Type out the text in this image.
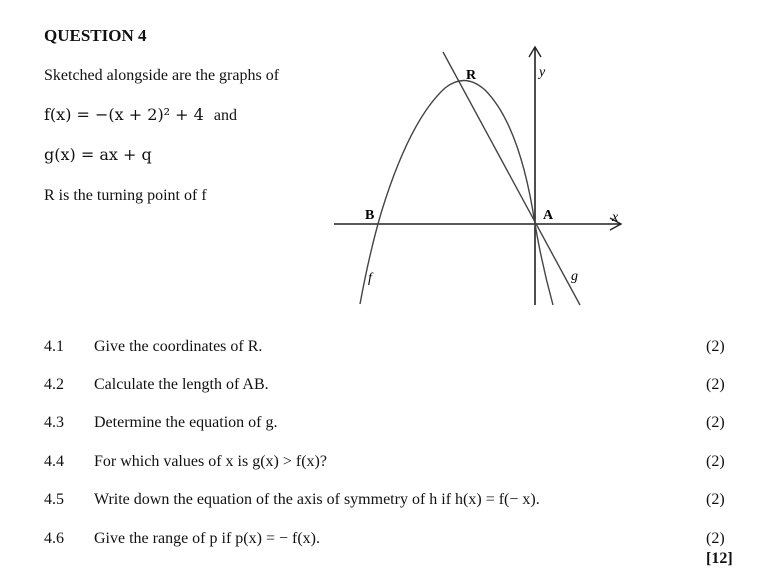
QUESTION 4
Sketched alongside are the graphs of
f(x) = −(x + 2)² + 4 and
g(x) = ax + q
R is the turning point of f
R
A
B	x
y
f	g
4.1 Give the coordinates of R.	(2)
4.2 Calculate the length of AB.	(2)
4.3 Determine the equation of g.	(2)
4.4 For which values of x is g(x) > f(x)?	(2)
4.5 Write down the equation of the axis of symmetry of h if h(x) = f(− x).	(2)
4.6 Give the range of p if p(x) = − f(x).	(2)
[12]
